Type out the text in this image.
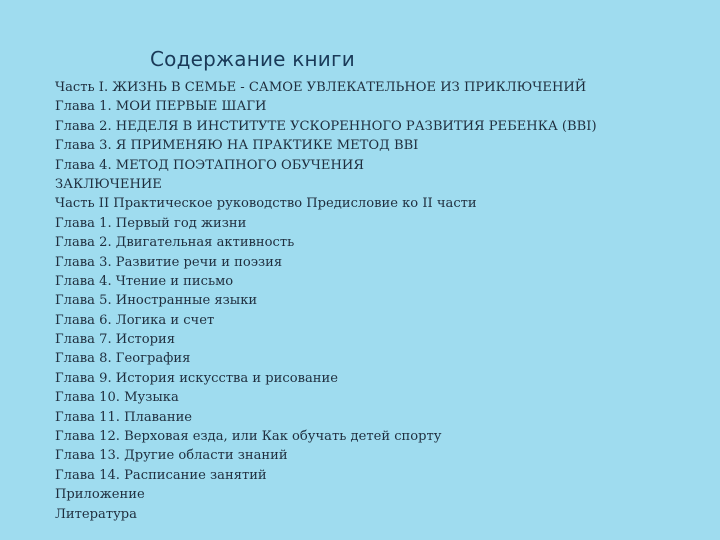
Содержание книги
Часть I. ЖИЗНЬ В СЕМЬЕ - САМОЕ УВЛЕКАТЕЛЬНОЕ ИЗ ПРИКЛЮЧЕНИЙ
Глава 1. МОИ ПЕРВЫЕ ШАГИ
Глава 2. НЕДЕЛЯ В ИНСТИТУТЕ УСКОРЕННОГО РАЗВИТИЯ РЕБЕНКА (ВВI)
Глава 3. Я ПРИМЕНЯЮ НА ПРАКТИКЕ МЕТОД ВВI
Глава 4. МЕТОД ПОЭТАПНОГО ОБУЧЕНИЯ
ЗАКЛЮЧЕНИЕ
Часть II Практическое руководство Предисловие ко II части
Глава 1. Первый год жизни
Глава 2. Двигательная активность
Глава 3. Развитие речи и поэзия
Глава 4. Чтение и письмо
Глава 5. Иностранные языки
Глава 6. Логика и счет
Глава 7. История
Глава 8. География
Глава 9. История искусства и рисование
Глава 10. Музыка
Глава 11. Плавание
Глава 12. Верховая езда, или Как обучать детей спорту
Глава 13. Другие области знаний
Глава 14. Расписание занятий
Приложение
Литература
